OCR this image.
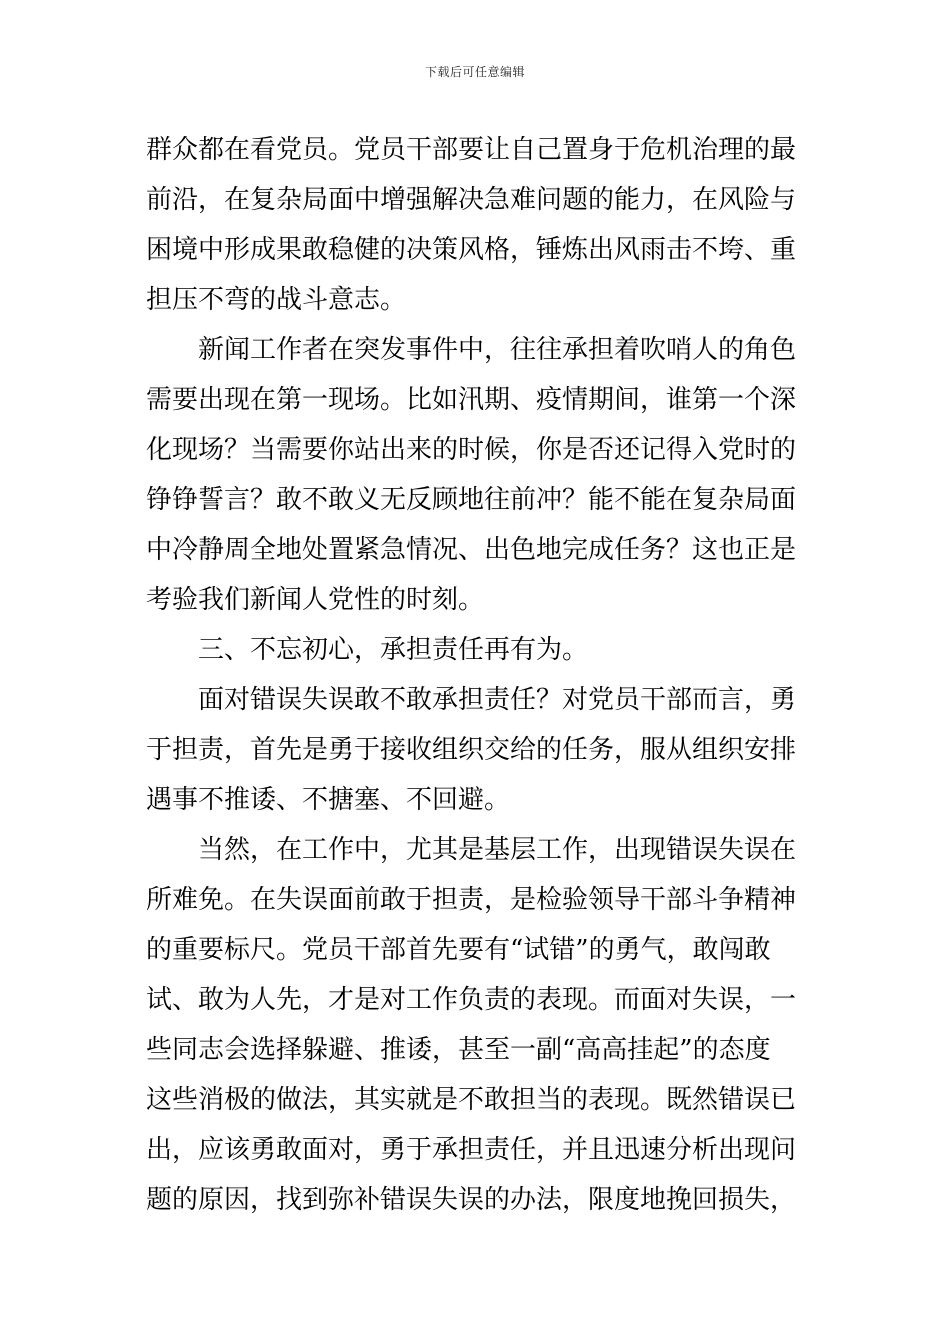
下载后可任意编辑
群众都在看党员。党员干部要让自己置身于危机治理的最
前沿，在复杂局面中增强解决急难问题的能力，在风险与
困境中形成果敢稳健的决策风格，锤炼出风雨击不垮、重
担压不弯的战斗意志。
新闻工作者在突发事件中，往往承担着吹哨人的角色
需要出现在第一现场。比如汛期、疫情期间，谁第一个深
化现场？当需要你站出来的时候，你是否还记得入党时的
铮铮誓言？敢不敢义无反顾地往前冲？能不能在复杂局面
中冷静周全地处置紧急情况、出色地完成任务？这也正是
考验我们新闻人党性的时刻。
三、不忘初心，承担责任再有为。
面对错误失误敢不敢承担责任？对党员干部而言，勇
于担责，首先是勇于接收组织交给的任务，服从组织安排
遇事不推诿、不搪塞、不回避。
当然，在工作中，尤其是基层工作，出现错误失误在
所难免。在失误面前敢于担责，是检验领导干部斗争精神
的重要标尺。党员干部首先要有“试错”的勇气，敢闯敢
试、敢为人先，才是对工作负责的表现。而面对失误，一
些同志会选择躲避、推诿，甚至一副“高高挂起”的态度
这些消极的做法，其实就是不敢担当的表现。既然错误已
出，应该勇敢面对，勇于承担责任，并且迅速分析出现问
题的原因，找到弥补错误失误的办法，限度地挽回损失，
